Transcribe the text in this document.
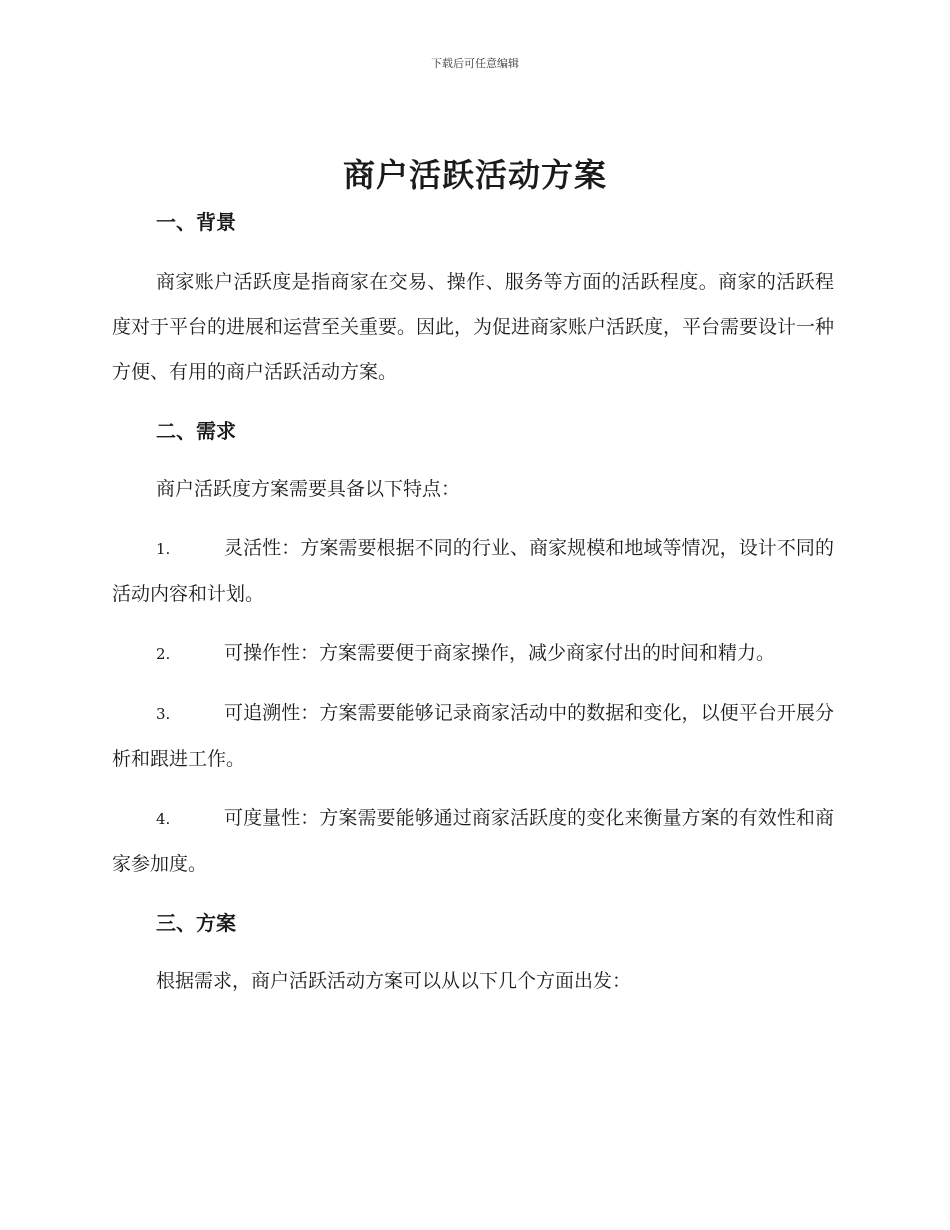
下载后可任意编辑
商户活跃活动方案
一、背景

商家账户活跃度是指商家在交易、操作、服务等方面的活跃程度。商家的活跃程度对于平台的进展和运营至关重要。因此，为促进商家账户活跃度，平台需要设计一种方便、有用的商户活跃活动方案。

二、需求

商户活跃度方案需要具备以下特点：

1.	灵活性：方案需要根据不同的行业、商家规模和地域等情况，设计不同的活动内容和计划。

2.	可操作性：方案需要便于商家操作，减少商家付出的时间和精力。

3.	可追溯性：方案需要能够记录商家活动中的数据和变化，以便平台开展分析和跟进工作。

4.	可度量性：方案需要能够通过商家活跃度的变化来衡量方案的有效性和商家参加度。

三、方案

根据需求，商户活跃活动方案可以从以下几个方面出发：
